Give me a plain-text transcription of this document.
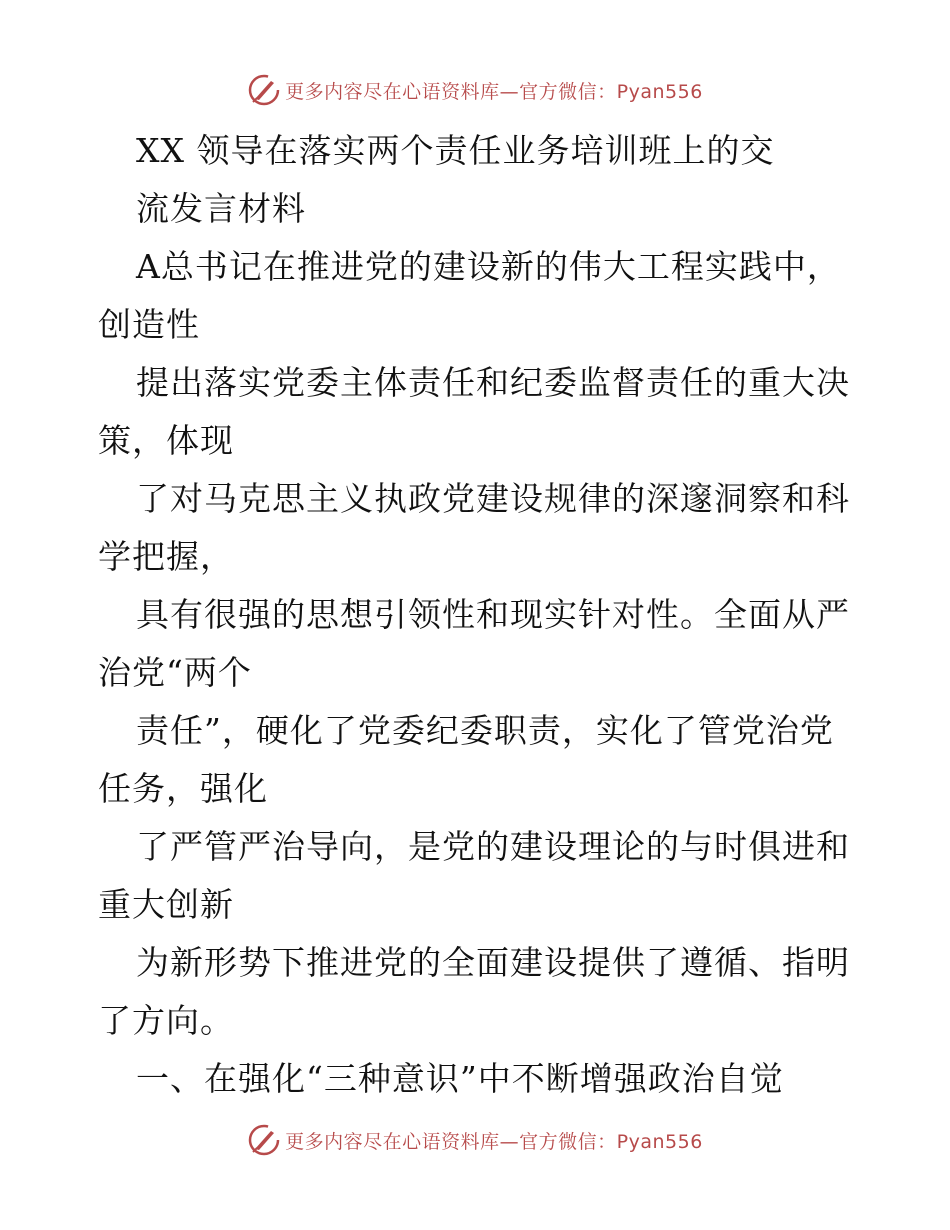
更多内容尽在心语资料库—官方微信：Pyan556
XX 领导在落实两个责任业务培训班上的交
流发言材料
A总书记在推进党的建设新的伟大工程实践中，
创造性
提出落实党委主体责任和纪委监督责任的重大决
策，体现
了对马克思主义执政党建设规律的深邃洞察和科
学把握，
具有很强的思想引领性和现实针对性。全面从严
治党“两个
责任”，硬化了党委纪委职责，实化了管党治党
任务，强化
了严管严治导向，是党的建设理论的与时俱进和
重大创新
为新形势下推进党的全面建设提供了遵循、指明
了方向。
一、在强化“三种意识”中不断增强政治自觉
更多内容尽在心语资料库—官方微信：Pyan556
